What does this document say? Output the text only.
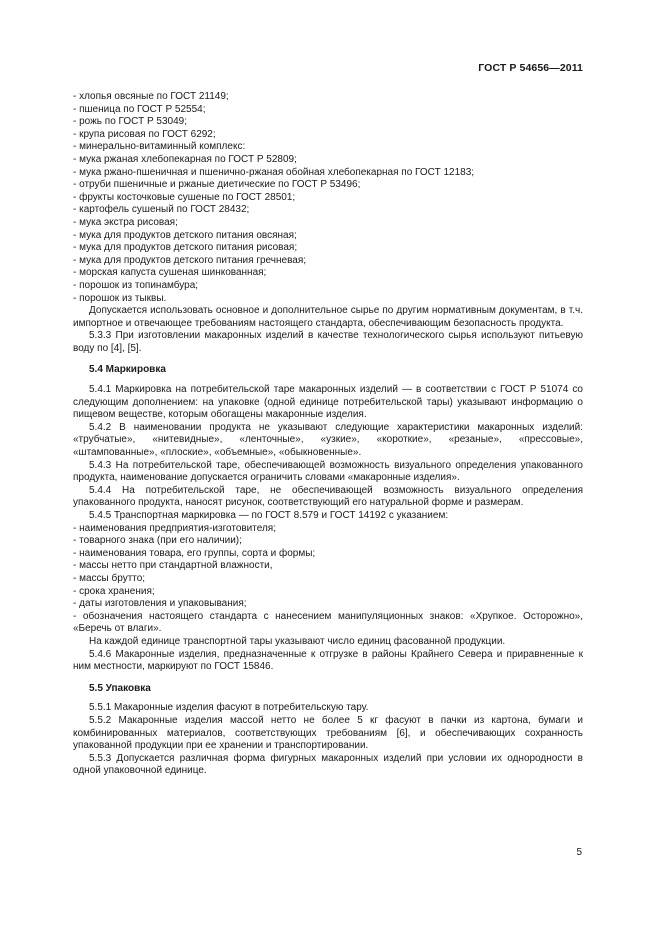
ГОСТ Р 54656—2011

- хлопья овсяные по ГОСТ 21149;

- пшеница по ГОСТ Р 52554;

- рожь по ГОСТ Р 53049;

- крупа рисовая по ГОСТ 6292;

- минерально-витаминный комплекс:

- мука ржаная хлебопекарная по ГОСТ Р 52809;

- мука ржано-пшеничная и пшенично-ржаная обойная хлебопекарная по ГОСТ 12183;

- отруби пшеничные и ржаные диетические по ГОСТ Р 53496;

- фрукты косточковые сушеные по ГОСТ 28501;

- картофель сушеный по ГОСТ 28432;

- мука экстра рисовая;

- мука для продуктов детского питания овсяная;

- мука для продуктов детского питания рисовая;

- мука для продуктов детского питания гречневая;

- морская капуста сушеная шинкованная;

- порошок из топинамбура;

- порошок из тыквы.

Допускается использовать основное и дополнительное сырье по другим нормативным документам, в т.ч. импортное и отвечающее требованиям настоящего стандарта, обеспечивающим безопасность продукта.

5.3.3 При изготовлении макаронных изделий в качестве технологического сырья используют питьевую воду по [4], [5].

5.4 Маркировка

5.4.1 Маркировка на потребительской таре макаронных изделий — в соответствии с ГОСТ Р 51074 со следующим дополнением: на упаковке (одной единице потребительской тары) указывают информацию о пищевом веществе, которым обогащены макаронные изделия.

5.4.2 В наименовании продукта не указывают следующие характеристики макаронных изделий: «трубчатые», «нитевидные», «ленточные», «узкие», «короткие», «резаные», «прессовые», «штампованные», «плоские», «объемные», «обыкновенные».

5.4.3 На потребительской таре, обеспечивающей возможность визуального определения упакованного продукта, наименование допускается ограничить словами «макаронные изделия».

5.4.4 На потребительской таре, не обеспечивающей возможность визуального определения упакованного продукта, наносят рисунок, соответствующий его натуральной форме и размерам.

5.4.5 Транспортная маркировка — по ГОСТ 8.579 и ГОСТ 14192 с указанием:

- наименования предприятия-изготовителя;

- товарного знака (при его наличии);

- наименования товара, его группы, сорта и формы;

- массы нетто при стандартной влажности,

- массы брутто;

- срока хранения;

- даты изготовления и упаковывания;

- обозначения настоящего стандарта с нанесением манипуляционных знаков: «Хрупкое. Осторожно», «Беречь от влаги».

На каждой единице транспортной тары указывают число единиц фасованной продукции.

5.4.6 Макаронные изделия, предназначенные к отгрузке в районы Крайнего Севера и приравненные к ним местности, маркируют по ГОСТ 15846.

5.5 Упаковка

5.5.1 Макаронные изделия фасуют в потребительскую тару.

5.5.2 Макаронные изделия массой нетто не более 5 кг фасуют в пачки из картона, бумаги и комбинированных материалов, соответствующих требованиям [6], и обеспечивающих сохранность упакованной продукции при ее хранении и транспортировании.

5.5.3 Допускается различная форма фигурных макаронных изделий при условии их однородности в одной упаковочной единице.

5
